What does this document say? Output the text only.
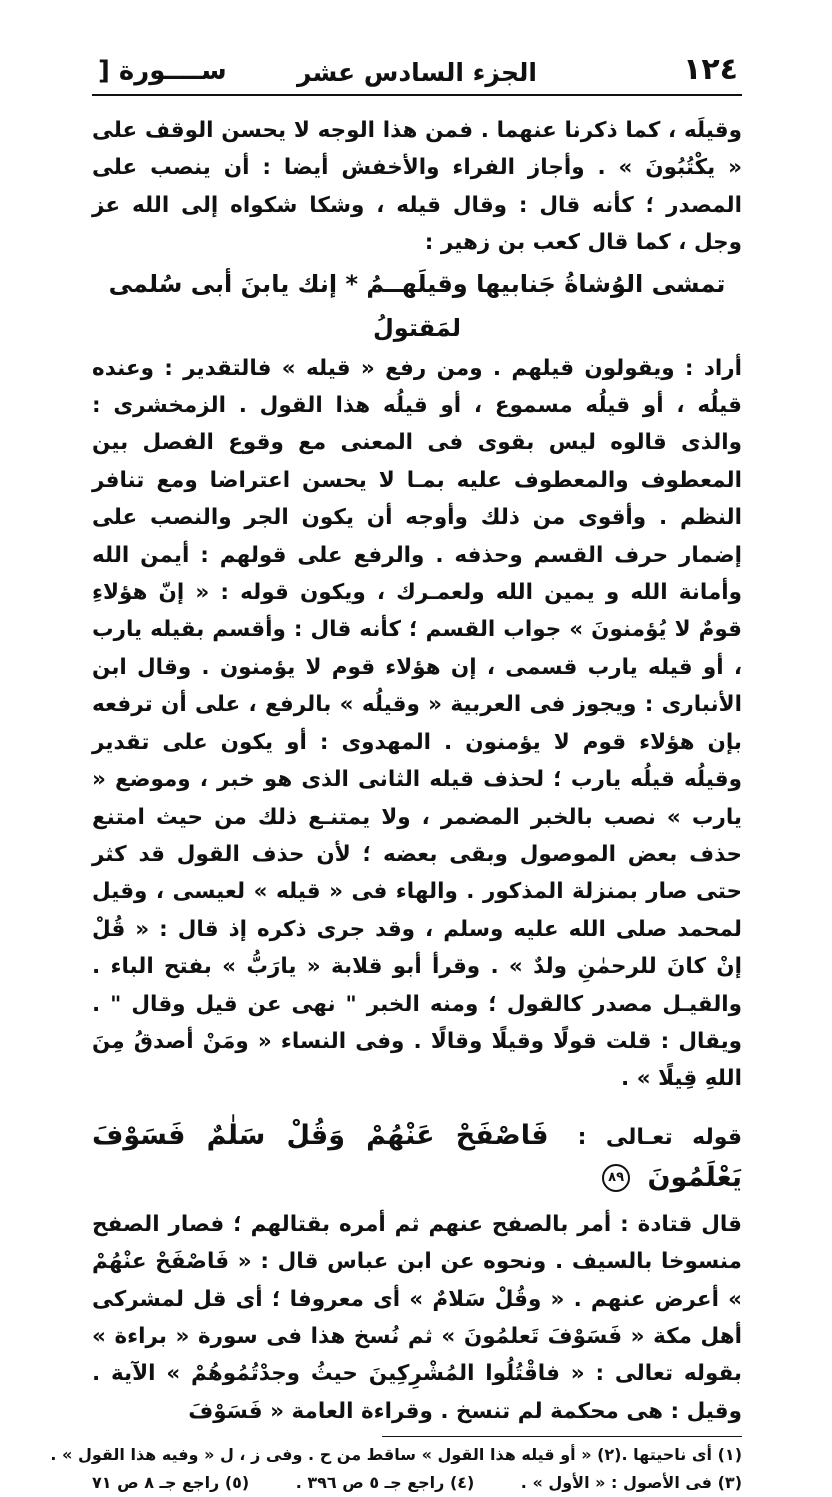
١٢٤
الجزء السادس عشر
ســــورة [

وقيلَه ، كما ذكرنا عنهما . فمن هذا الوجه لا يحسن الوقف على « يكْتُبُونَ » . وأجاز الفراء والأخفش أيضا : أن ينصب على المصدر ؛ كأنه قال : وقال قيله ، وشكا شكواه إلى الله عز وجل ، كما قال كعب بن زهير :

تمشى الوُشاةُ جَنابيها وقيلَهــمُ ‎* إنك يابنَ أبى سُلمى لمَقتولُ

أراد : ويقولون قيلهم . ومن رفع « قيله » فالتقدير : وعنده قيلُه ، أو قيلُه مسموع ، أو قيلُه هذا القول . الزمخشرى : والذى قالوه ليس بقوى فى المعنى مع وقوع الفصل بين المعطوف والمعطوف عليه بمـا لا يحسن اعتراضا ومع تنافر النظم . وأقوى من ذلك وأوجه أن يكون الجر والنصب على إضمار حرف القسم وحذفه . والرفع على قولهم : أيمن الله وأمانة الله و يمين الله ولعمـرك ، ويكون قوله : « إنّ هؤلاءِ قومٌ لا يُؤمنونَ » جواب القسم ؛ كأنه قال : وأقسم بقيله يارب ، أو قيله يارب قسمى ، إن هؤلاء قوم لا يؤمنون . وقال ابن الأنبارى : ويجوز فى العربية « وقيلُه » بالرفع ، على أن ترفعه بإن هؤلاء قوم لا يؤمنون . المهدوى : أو يكون على تقدير وقيلُه قيلُه يارب ؛ لحذف قيله الثانى الذى هو خبر ، وموضع « يارب » نصب بالخبر المضمر ، ولا يمتنـع ذلك من حيث امتنع حذف بعض الموصول وبقى بعضه ؛ لأن حذف القول قد كثر حتى صار بمنزلة المذكور . والهاء فى « قيله » لعيسى ، وقيل لمحمد صلى الله عليه وسلم ، وقد جرى ذكره إذ قال : « قُلْ إنْ كانَ للرحمٰنِ ولدٌ » . وقرأ أبو قلابة « يارَبُّ » بفتح الباء . والقيـل مصدر كالقول ؛ ومنه الخبر " نهى عن قيل وقال " . ويقال : قلت قولًا وقيلًا وقالًا . وفى النساء « ومَنْ أصدقُ مِنَ اللهِ قِيلًا » .

قوله تعـالى : فَاصْفَحْ عَنْهُمْ وَقُلْ سَلٰمٌ فَسَوْفَ يَعْلَمُونَ ٨٩

قال قتادة : أمر بالصفح عنهم ثم أمره بقتالهم ؛ فصار الصفح منسوخا بالسيف . ونحوه عن ابن عباس قال : « فَاصْفَحْ عنْهُمْ » أعرض عنهم . « وقُلْ سَلامٌ » أى معروفا ؛ أى قل لمشركى أهل مكة « فَسَوْفَ تَعلمُونَ » ثم نُسخ هذا فى سورة « براءة » بقوله تعالى : « فاقْتُلُوا المُشْرِكِينَ حيثُ وجدْتُمُوهُمْ » الآية . وقيل : هى محكمة لم تنسخ . وقراءة العامة « فَسَوْفَ

(١) أى ناحيتها .
(٢) « أو قيله هذا القول » ساقط من ح . وفى ز ، ل « وفيه هذا القول » .
(٣) فى الأصول : « الأول » .
(٤) راجع جـ ٥ ص ٣٩٦ .
(٥) راجع جـ ٨ ص ٧١
